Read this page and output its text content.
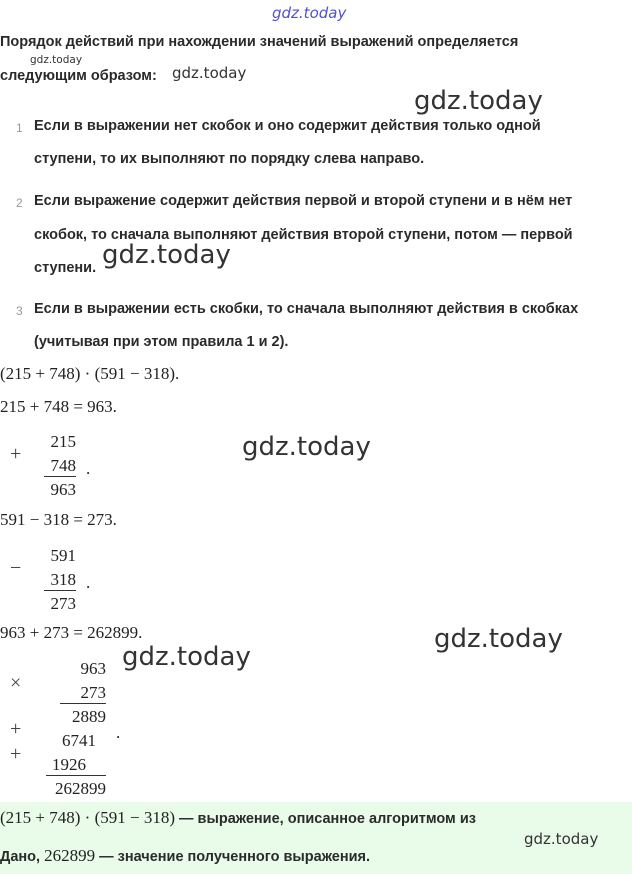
gdz.today
Порядок действий при нахождении значений выражений определяется
gdz.today
следующим образом: gdz.today
gdz.today
1 Если в выражении нет скобок и оно содержит действия только одной
ступени, то их выполняют по порядку слева направо.
2 Если выражение содержит действия первой и второй ступени и в нём нет
скобок, то сначала выполняют действия второй ступени, потом — первой
ступени. gdz.today
3 Если в выражении есть скобки, то сначала выполняют действия в скобках
(учитывая при этом правила 1 и 2).
(215 + 748) · (591 − 318).
215 + 748 = 963.
+
215
748
963
.
gdz.today
591 − 318 = 273.
−
591
318
273
.
963 + 273 = 262899.	gdz.today
gdz.today
×
963
273
2889
+
6741
+	1926
262899
.
(215 + 748) · (591 − 318) — выражение, описанное алгоритмом из
gdz.today
Дано, 262899 — значение полученного выражения.
